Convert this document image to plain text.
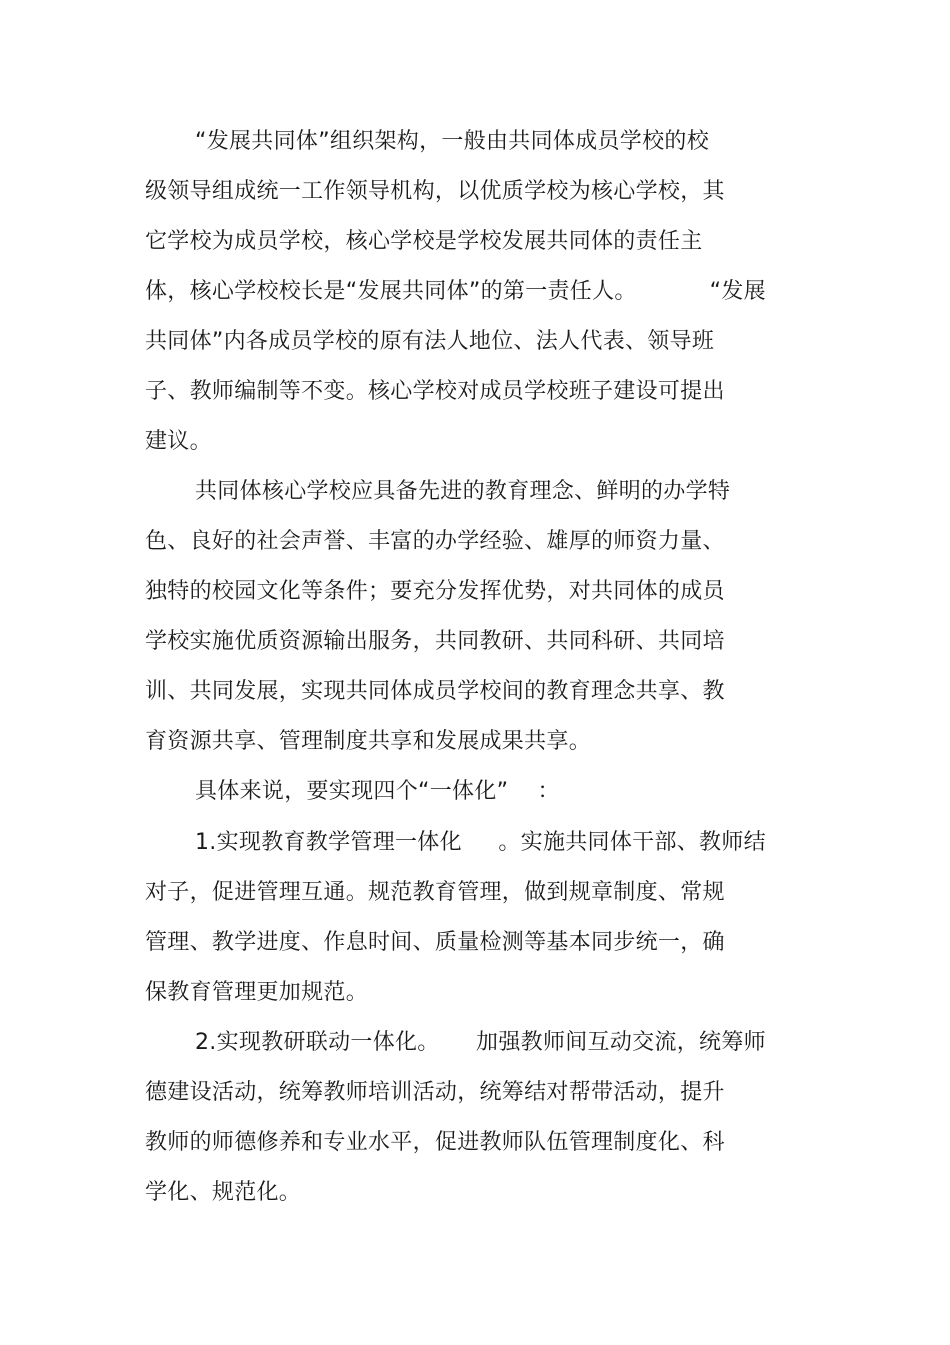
“发展共同体”组织架构，一般由共同体成员学校的校
级领导组成统一工作领导机构，以优质学校为核心学校，其
它学校为成员学校，核心学校是学校发展共同体的责任主
体，核心学校校长是“发展共同体”的第一责任人。          “发展
共同体”内各成员学校的原有法人地位、法人代表、领导班
子、教师编制等不变。核心学校对成员学校班子建设可提出
建议。
共同体核心学校应具备先进的教育理念、鲜明的办学特
色、良好的社会声誉、丰富的办学经验、雄厚的师资力量、
独特的校园文化等条件；要充分发挥优势，对共同体的成员
学校实施优质资源输出服务，共同教研、共同科研、共同培
训、共同发展，实现共同体成员学校间的教育理念共享、教
育资源共享、管理制度共享和发展成果共享。
具体来说，要实现四个“一体化”    ：
1.实现教育教学管理一体化     。实施共同体干部、教师结
对子，促进管理互通。规范教育管理，做到规章制度、常规
管理、教学进度、作息时间、质量检测等基本同步统一，确
保教育管理更加规范。
2.实现教研联动一体化。     加强教师间互动交流，统筹师
德建设活动，统筹教师培训活动，统筹结对帮带活动，提升
教师的师德修养和专业水平，促进教师队伍管理制度化、科
学化、规范化。
